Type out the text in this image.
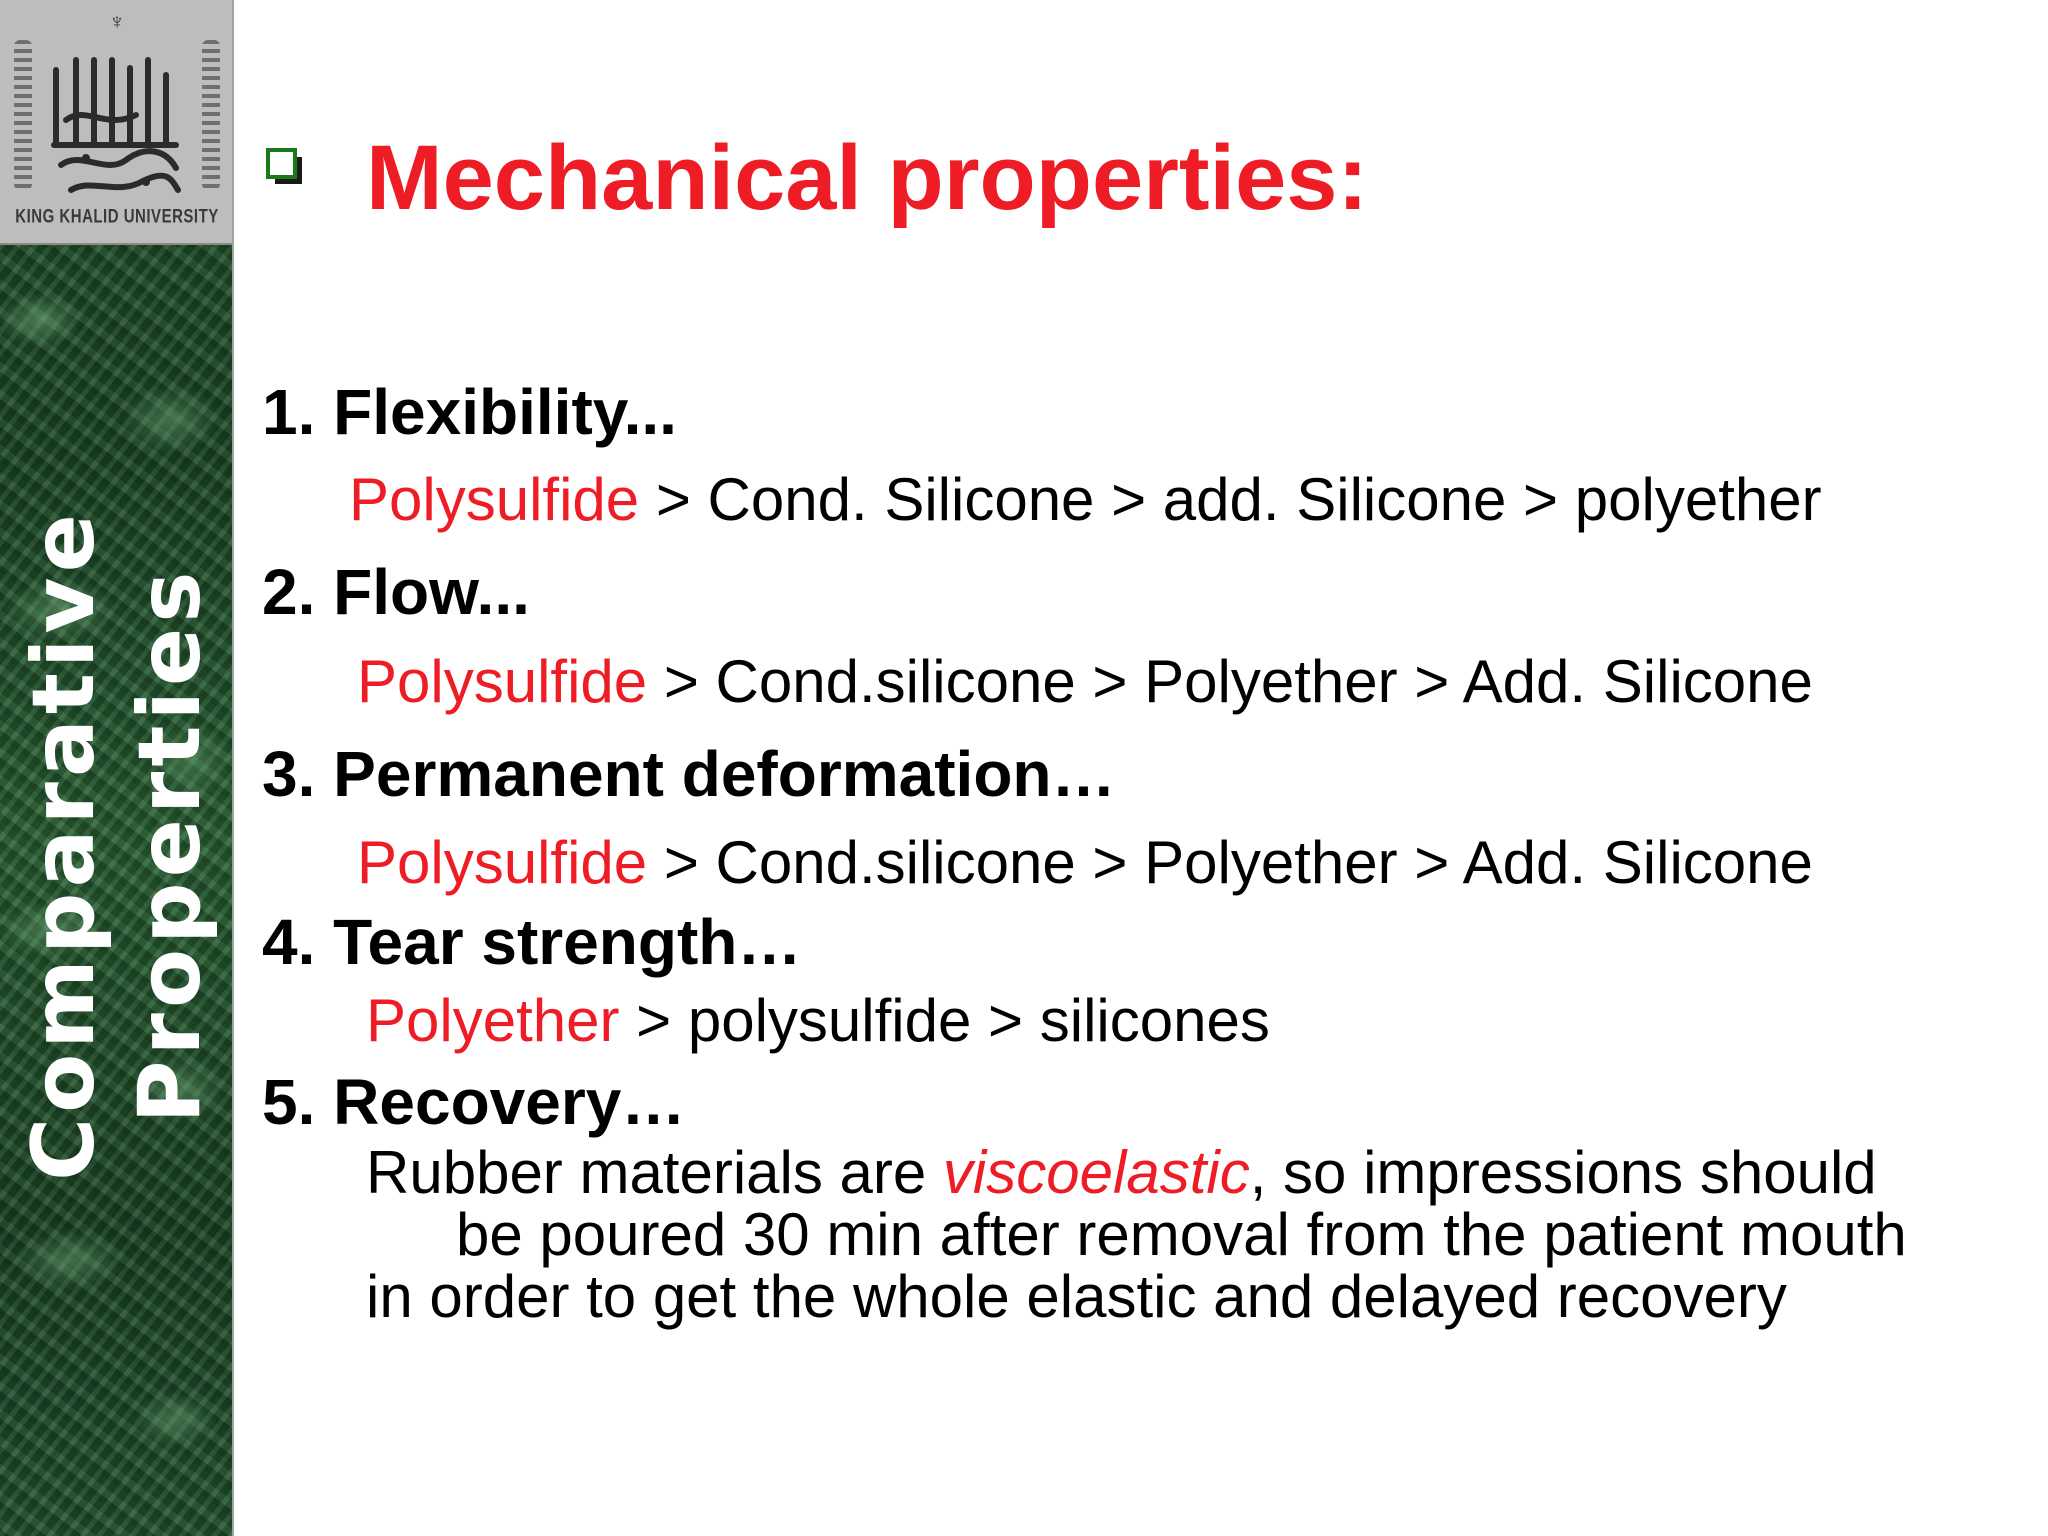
♆
KING KHALID UNIVERSITY
Comparative Properties
Mechanical properties:
1. Flexibility...
Polysulfide > Cond. Silicone > add. Silicone > polyether
2. Flow...
Polysulfide > Cond.silicone > Polyether > Add. Silicone
3. Permanent deformation…
Polysulfide > Cond.silicone > Polyether > Add. Silicone
4. Tear strength…
Polyether > polysulfide > silicones
5. Recovery…
Rubber materials are viscoelastic, so impressions should
be poured 30 min after removal from the patient mouth
in order to get the whole elastic and delayed recovery
